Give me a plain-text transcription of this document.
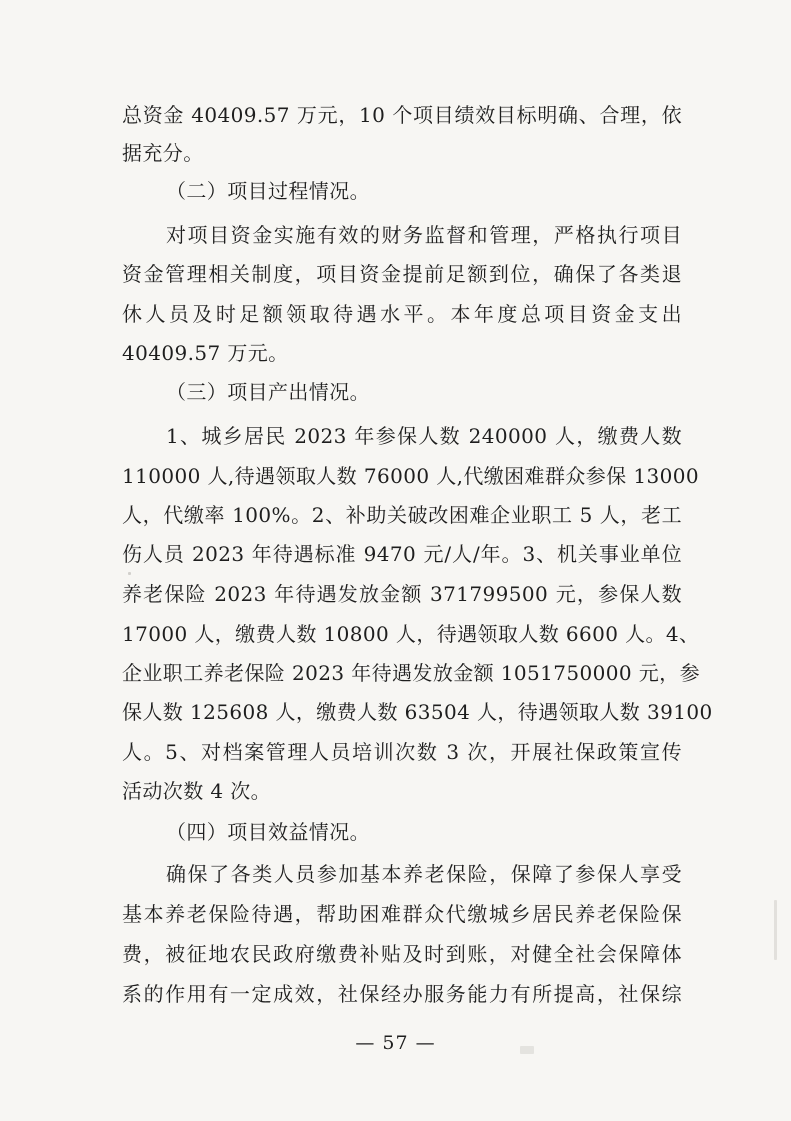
总资金 40409.57 万元，10 个项目绩效目标明确、合理，依
据充分。
（二）项目过程情况。
对项目资金实施有效的财务监督和管理，严格执行项目
资金管理相关制度，项目资金提前足额到位，确保了各类退
休人员及时足额领取待遇水平。本年度总项目资金支出
40409.57 万元。
（三）项目产出情况。
1、城乡居民 2023 年参保人数 240000 人，缴费人数
110000 人,待遇领取人数 76000 人,代缴困难群众参保 13000
人，代缴率 100%。2、补助关破改困难企业职工 5 人，老工
伤人员 2023 年待遇标准 9470 元/人/年。3、机关事业单位
养老保险 2023 年待遇发放金额 371799500 元，参保人数
17000 人，缴费人数 10800 人，待遇领取人数 6600 人。4、
企业职工养老保险 2023 年待遇发放金额 1051750000 元，参
保人数 125608 人，缴费人数 63504 人，待遇领取人数 39100
人。5、对档案管理人员培训次数 3 次，开展社保政策宣传
活动次数 4 次。
（四）项目效益情况。
确保了各类人员参加基本养老保险，保障了参保人享受
基本养老保险待遇，帮助困难群众代缴城乡居民养老保险保
费，被征地农民政府缴费补贴及时到账，对健全社会保障体
系的作用有一定成效，社保经办服务能力有所提高，社保综
— 57 —
